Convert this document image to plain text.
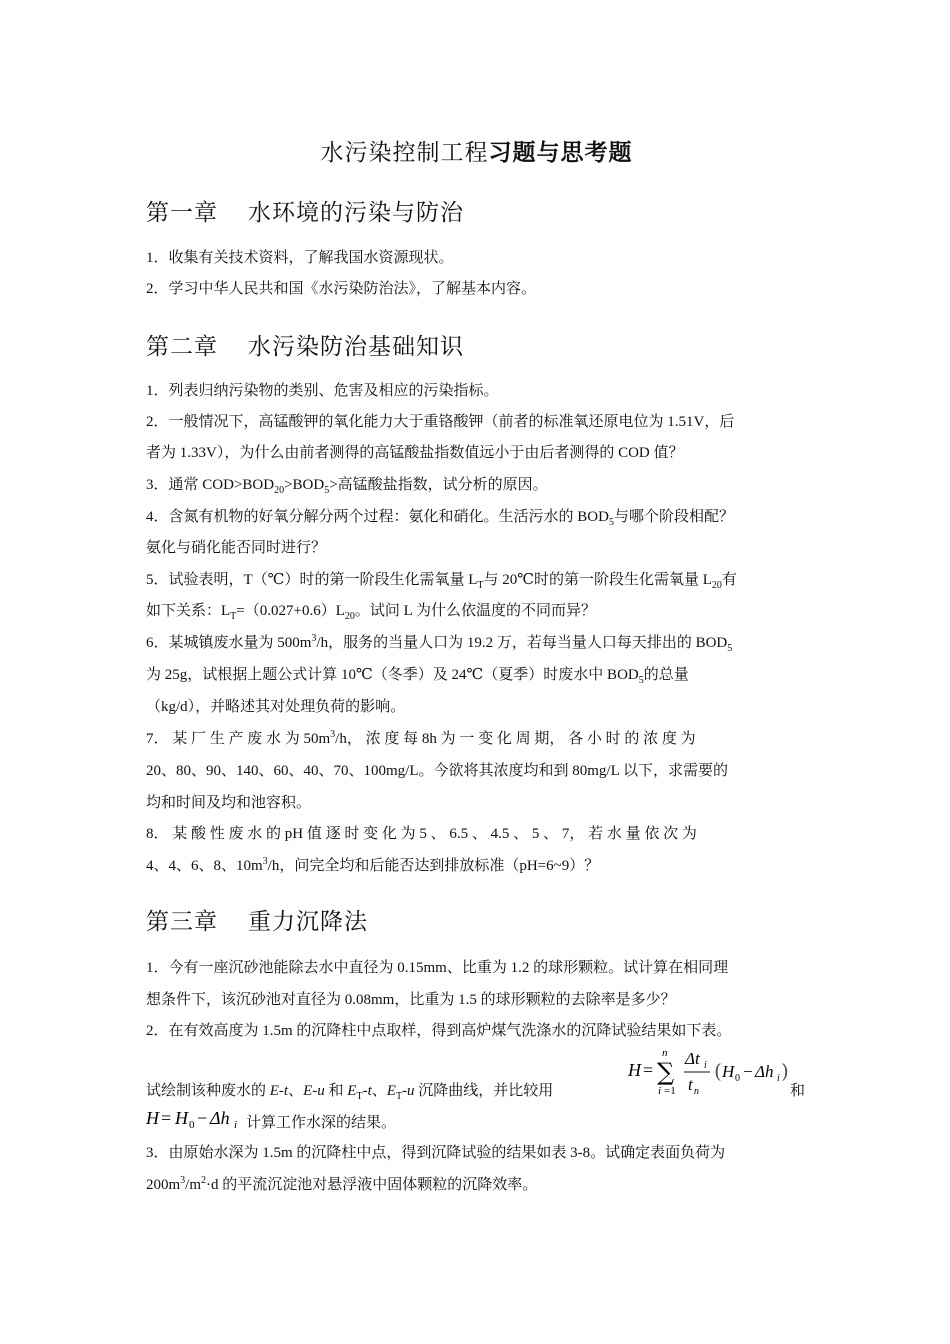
水污染控制工程习题与思考题
第一章 水环境的污染与防治
1．收集有关技术资料，了解我国水资源现状。
2．学习中华人民共和国《水污染防治法》，了解基本内容。
第二章 水污染防治基础知识
1．列表归纳污染物的类别、危害及相应的污染指标。
2．一般情况下，高锰酸钾的氧化能力大于重铬酸钾（前者的标准氧还原电位为 1.51V，后
者为 1.33V），为什么由前者测得的高锰酸盐指数值远小于由后者测得的 COD 值？
3．通常 $COD>BOD_{20}>BOD_5>$高锰酸盐指数，试分析的原因。
4．含氮有机物的好氧分解分两个过程：氨化和硝化。生活污水的 $BOD_5$与哪个阶段相配？
氨化与硝化能否同时进行？
5．试验表明，T（℃）时的第一阶段生化需氧量 $L_T$与 20℃时的第一阶段生化需氧量 $L_{20}$有
如下关系：$L_T=(0.027+0.6)L_{20}$。试问 L 为什么依温度的不同而异？
6．某城镇废水量为 $500m^3/h$，服务的当量人口为 19.2 万，若每当量人口每天排出的 $BOD_5$
为 25g，试根据上题公式计算 10℃（冬季）及 24℃（夏季）时废水中 $BOD_5$的总量
（kg/d），并略述其对处理负荷的影响。
7． 某 厂 生 产 废 水 为 $50m^3/h$， 浓 度 每 8h 为 一 变 化 周 期， 各 小 时 的 浓 度 为
20、80、90、140、60、40、70、100mg/L。今欲将其浓度均和到 80mg/L 以下，求需要的
均和时间及均和池容积。
8． 某 酸 性 废 水 的 pH 值 逐 时 变 化 为 5 、 6.5 、 4.5 、 5 、 7， 若 水 量 依 次 为
4、4、6、8、$10m^3/h$，问完全均和后能否达到排放标准（pH=6~9）？
第三章 重力沉降法
1．今有一座沉砂池能除去水中直径为 0.15mm、比重为 1.2 的球形颗粒。试计算在相同理
想条件下，该沉砂池对直径为 0.08mm，比重为 1.5 的球形颗粒的去除率是多少？
2．在有效高度为 1.5m 的沉降柱中点取样，得到高炉煤气洗涤水的沉降试验结果如下表。
试绘制该种废水的 E-t、E-u 和 $E_T-t$、$E_T-u$ 沉降曲线，并比较用
H = ∑
n
i =1
Δt i
t n
( H 0 − Δh i )
和
H = H 0 − Δh i 计算工作水深的结果。
3．由原始水深为 1.5m 的沉降柱中点，得到沉降试验的结果如表 3-8。试确定表面负荷为
$200m^3/m^2\cdot d$ 的平流沉淀池对悬浮液中固体颗粒的沉降效率。
